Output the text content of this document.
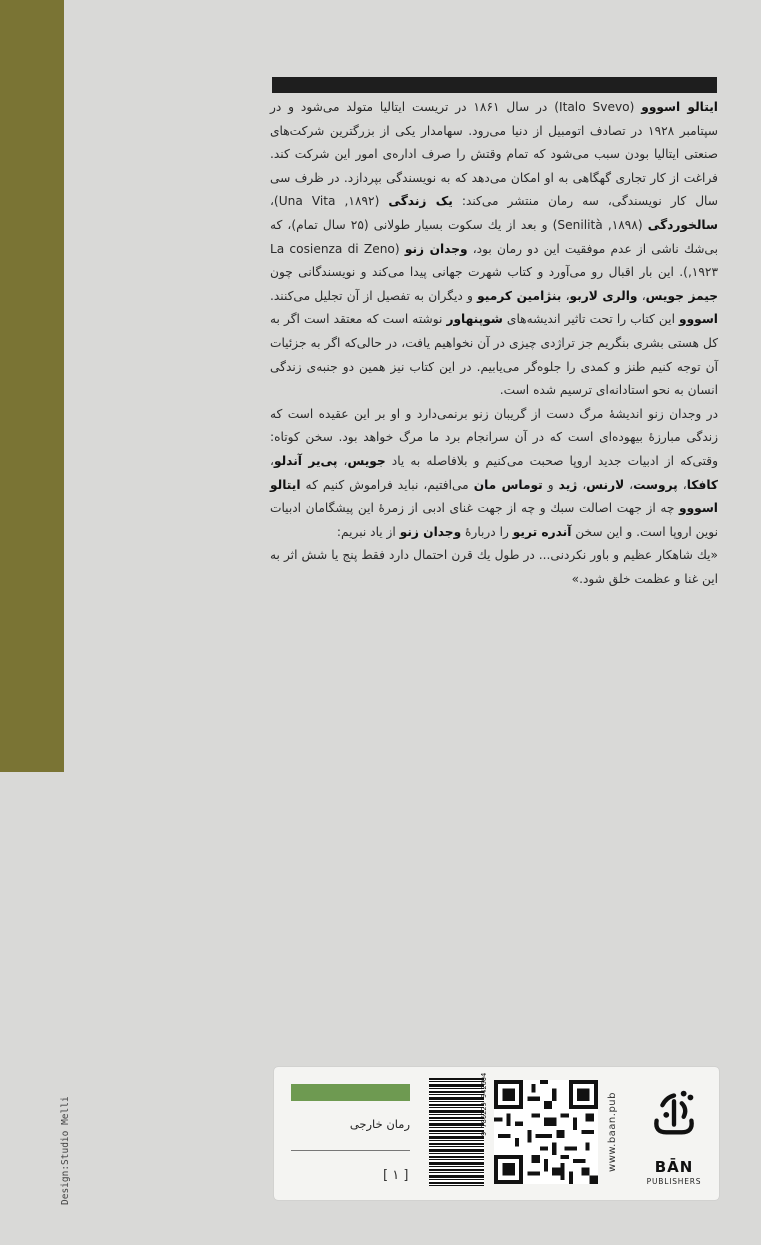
ایتالو اسووو (Italo Svevo) در سال ۱۸۶۱ در تریست ایتالیا متولد می‌شود و در سپتامبر ۱۹۲۸ در تصادف اتومبیل از دنیا می‌رود. سهامدار یکی از بزرگترین شرکت‌های صنعتی ایتالیا بودن سبب می‌شود که تمام وقتش را صرف اداره‌ی امور این شرکت کند. فراغت از کار تجاری گهگاهی به او امکان می‌دهد که به نویسندگی بپردازد. در ظرف سی سال کار نویسندگی، سه رمان منتشر می‌کند: یک زندگی (Una Vita ,۱۸۹۲)، سالخوردگی (Senilità ,۱۸۹۸) و بعد از یك سکوت بسیار طولانی (۲۵ سال تمام)، که بی‌شك ناشی از عدم موفقیت این دو رمان بود، وجدان زنو (La cosienza di Zeno ,۱۹۲۳). این بار اقبال رو می‌آورد و کتاب شهرت جهانی پیدا می‌کند و نویسندگانی چون جیمز جویس، والری لاربو، بنژامین کرمیو و دیگران به تفصیل از آن تجلیل می‌کنند. اسووو این کتاب را تحت تاثیر اندیشه‌های شوپنهاور نوشته است که معتقد است اگر به کل هستی بشری بنگریم جز تراژدی چیزی در آن نخواهیم یافت، در حالی‌که اگر به جزئیات آن توجه کنیم طنز و کمدی را جلوه‌گر می‌یابیم. در این کتاب نیز همین دو جنبه‌ی زندگی انسان به نحو استادانه‌ای ترسیم شده است.
در وجدان زنو اندیشهٔ مرگ دست از گریبان زنو برنمی‌دارد و او بر این عقیده است که زندگی مبارزهٔ بیهوده‌ای است که در آن سرانجام برد ما مرگ خواهد بود. سخن کوتاه: وقتی‌که از ادبیات جدید اروپا صحبت می‌کنیم و بلافاصله به یاد جویس، پی‌یر آندلو، کافکا، پروست، لارنس، ژید و توماس مان می‌افتیم، نباید فراموش کنیم که ایتالو اسووو چه از جهت اصالت سبك و چه از جهت غنای ادبی از زمرهٔ این پیشگامان ادبیات نوین اروپا است. و این سخن آندره تریو را دربارهٔ وجدان زنو از یاد نبریم:
«یك شاهکار عظیم و باور نکردنی... در طول یك قرن احتمال دارد فقط پنج یا شش اثر به این غنا و عظمت خلق شود.»
Design:Studio Melli	رمان خارجی
[ ۱ ]
www.baan.pub	BĀN
PUBLISHERS
